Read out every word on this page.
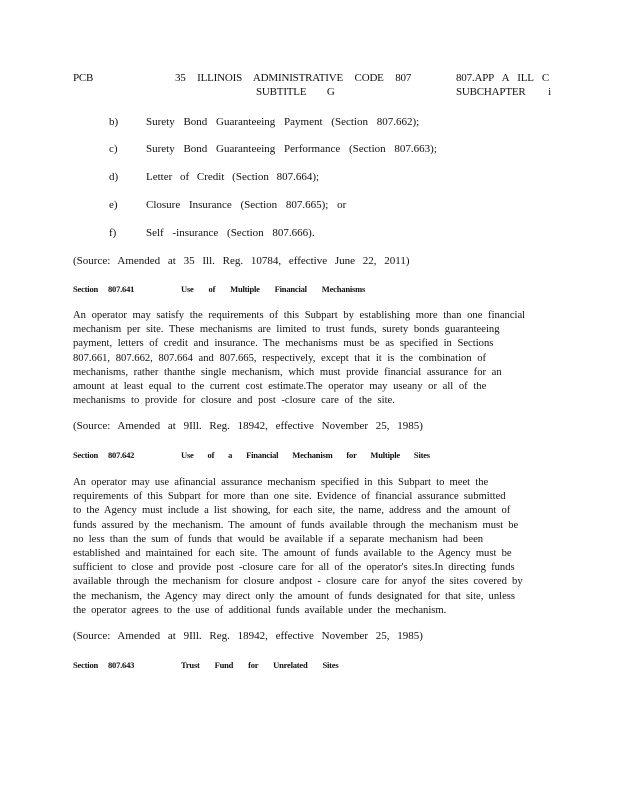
PCB	35 ILLINOIS ADMINISTRATIVE CODE 807
SUBTITLE G
807.APP A ILL C
SUBCHAPTER i
b)	Surety Bond Guaranteeing Payment (Section 807.662);
c)	Surety Bond Guaranteeing Performance (Section 807.663);
d)	Letter of Credit (Section 807.664);
e)	Closure Insurance (Section 807.665); or
f)	Self -insurance (Section 807.666).
(Source: Amended at 35 Ill. Reg. 10784, effective June 22, 2011)
Section 807.641	Use of Multiple Financial Mechanisms
An operator may satisfy the requirements of this Subpart by establishing more than one financial
mechanism per site. These mechanisms are limited to trust funds, surety bonds guaranteeing
payment, letters of credit and insurance. The mechanisms must be as specified in Sections
807.661, 807.662, 807.664 and 807.665, respectively, except that it is the combination of
mechanisms, rather thanthe single mechanism, which must provide financial assurance for an
amount at least equal to the current cost estimate.The operator may useany or all of the
mechanisms to provide for closure and post -closure care of the site.
(Source: Amended at 9Ill. Reg. 18942, effective November 25, 1985)
Section 807.642	Use of a Financial Mechanism for Multiple Sites
An operator may use afinancial assurance mechanism specified in this Subpart to meet the
requirements of this Subpart for more than one site. Evidence of financial assurance submitted
to the Agency must include a list showing, for each site, the name, address and the amount of
funds assured by the mechanism. The amount of funds available through the mechanism must be
no less than the sum of funds that would be available if a separate mechanism had been
established and maintained for each site. The amount of funds available to the Agency must be
sufficient to close and provide post -closure care for all of the operator's sites.In directing funds
available through the mechanism for closure andpost - closure care for anyof the sites covered by
the mechanism, the Agency may direct only the amount of funds designated for that site, unless
the operator agrees to the use of additional funds available under the mechanism.
(Source: Amended at 9Ill. Reg. 18942, effective November 25, 1985)
Section 807.643	Trust Fund for Unrelated Sites
